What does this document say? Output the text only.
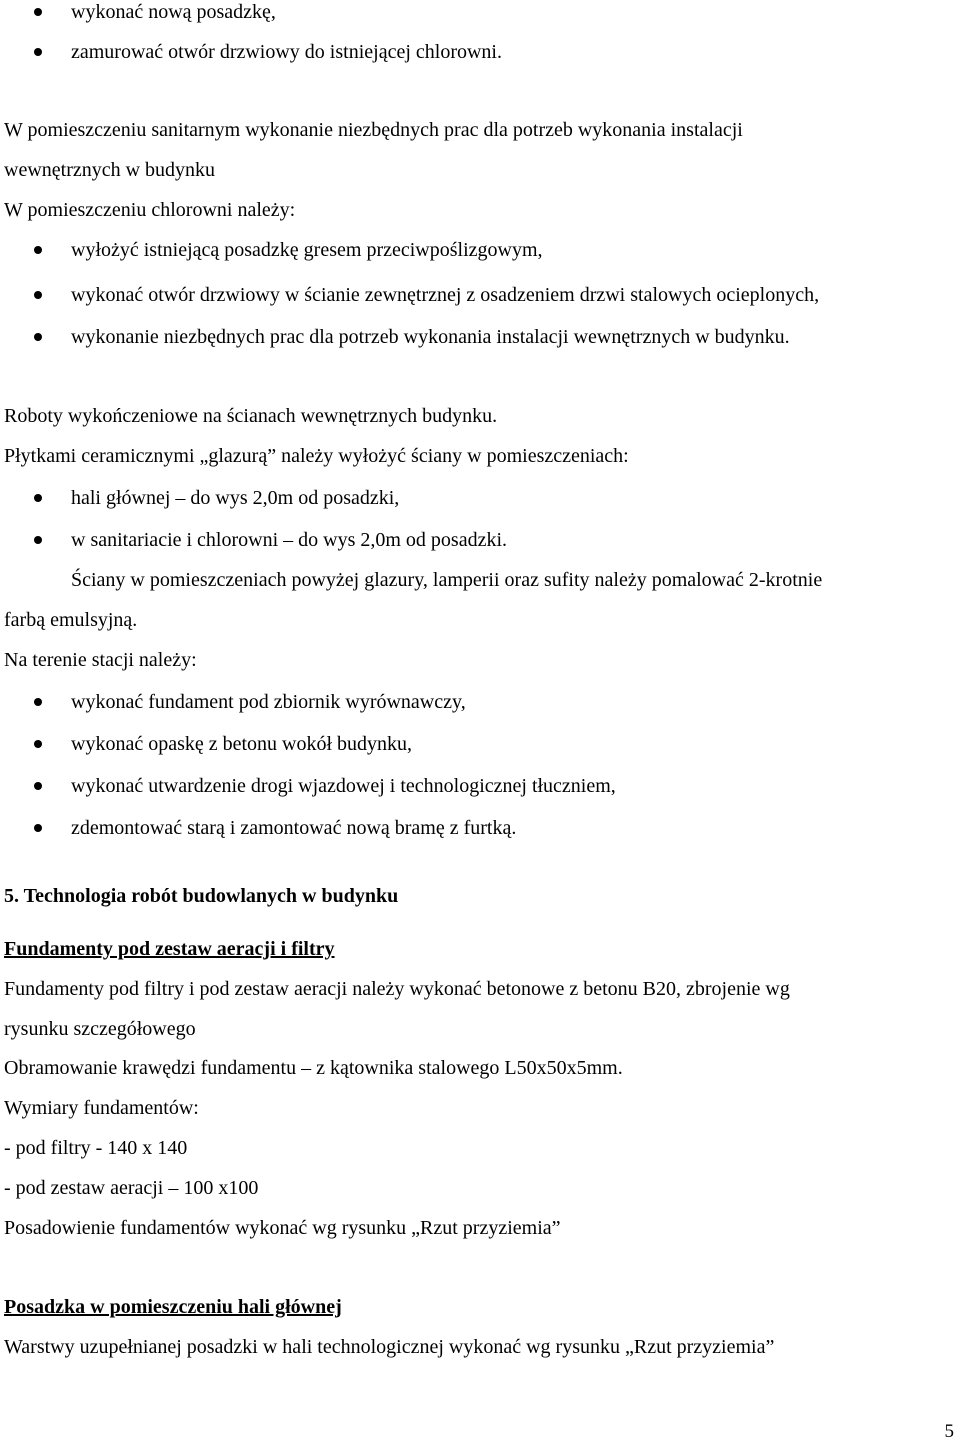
wykonać nową posadzkę,
zamurować otwór drzwiowy do istniejącej chlorowni.
W pomieszczeniu sanitarnym wykonanie niezbędnych prac dla potrzeb wykonania instalacji
wewnętrznych w budynku
W pomieszczeniu chlorowni należy:
wyłożyć istniejącą posadzkę gresem przeciwpoślizgowym,
wykonać otwór drzwiowy w ścianie zewnętrznej z osadzeniem drzwi stalowych ocieplonych,
wykonanie niezbędnych prac dla potrzeb wykonania instalacji wewnętrznych w budynku.
Roboty wykończeniowe na ścianach wewnętrznych budynku.
Płytkami ceramicznymi „glazurą” należy wyłożyć ściany w pomieszczeniach:
hali głównej – do wys 2,0m od posadzki,
w sanitariacie i chlorowni – do wys 2,0m od posadzki.
Ściany w pomieszczeniach powyżej glazury, lamperii oraz sufity należy pomalować 2-krotnie
farbą emulsyjną.
Na terenie stacji należy:
wykonać fundament pod zbiornik wyrównawczy,
wykonać opaskę z betonu wokół budynku,
wykonać utwardzenie drogi wjazdowej i technologicznej tłuczniem,
zdemontować starą i zamontować nową bramę z furtką.
5. Technologia robót budowlanych w budynku
Fundamenty pod zestaw aeracji i filtry
Fundamenty pod filtry i pod zestaw aeracji należy wykonać betonowe z betonu B20, zbrojenie wg
rysunku szczegółowego
Obramowanie krawędzi fundamentu – z kątownika stalowego L50x50x5mm.
Wymiary fundamentów:
- pod filtry - 140 x 140
- pod zestaw aeracji – 100 x100
Posadowienie fundamentów wykonać wg rysunku „Rzut przyziemia”
Posadzka w pomieszczeniu hali głównej
Warstwy uzupełnianej posadzki w hali technologicznej wykonać wg rysunku „Rzut przyziemia”
5
